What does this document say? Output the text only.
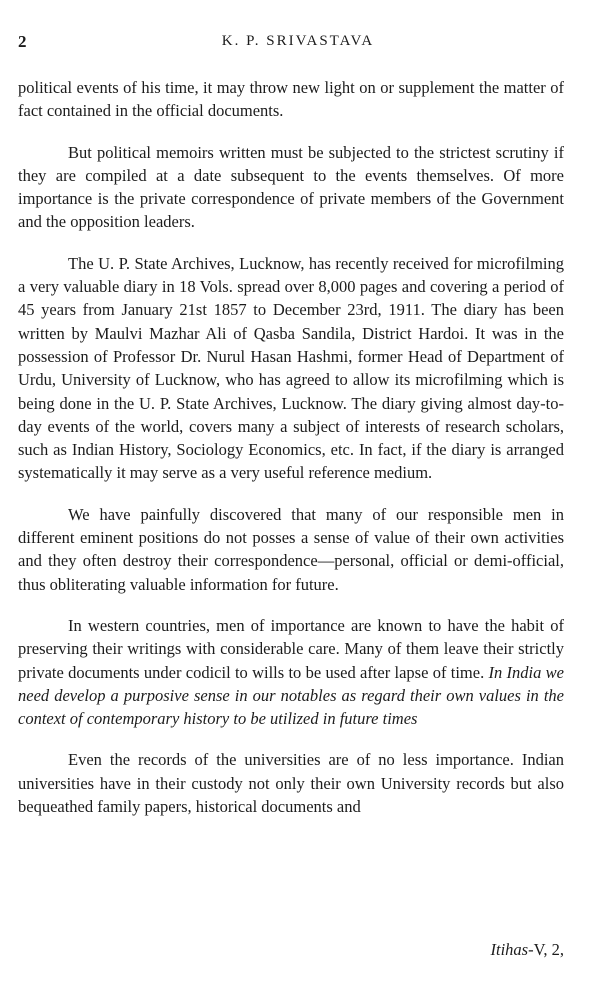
2	K. P. SRIVASTAVA

political events of his time, it may throw new light on or supplement the matter of fact contained in the official documents.

But political memoirs written must be subjected to the strictest scrutiny if they are compiled at a date subsequent to the events themselves. Of more importance is the private correspondence of private members of the Government and the opposition leaders.

The U. P. State Archives, Lucknow, has recently received for microfilming a very valuable diary in 18 Vols. spread over 8,000 pages and covering a period of 45 years from January 21st 1857 to December 23rd, 1911. The diary has been written by Maulvi Mazhar Ali of Qasba Sandila, District Hardoi. It was in the possession of Professor Dr. Nurul Hasan Hashmi, former Head of Department of Urdu, University of Lucknow, who has agreed to allow its microfilming which is being done in the U. P. State Archives, Lucknow. The diary giving almost day-to-day events of the world, covers many a subject of interests of research scholars, such as Indian History, Sociology Economics, etc. In fact, if the diary is arranged systematically it may serve as a very useful reference medium.

We have painfully discovered that many of our responsible men in different eminent positions do not posses a sense of value of their own activities and they often destroy their correspondence—personal, official or demi-official, thus obliterating valuable information for future.

In western countries, men of importance are known to have the habit of preserving their writings with considerable care. Many of them leave their strictly private documents under codicil to wills to be used after lapse of time. In India we need develop a purposive sense in our notables as regard their own values in the context of contemporary history to be utilized in future times

Even the records of the universities are of no less importance. Indian universities have in their custody not only their own University records but also bequeathed family papers, historical documents and

Itihas-V, 2,
